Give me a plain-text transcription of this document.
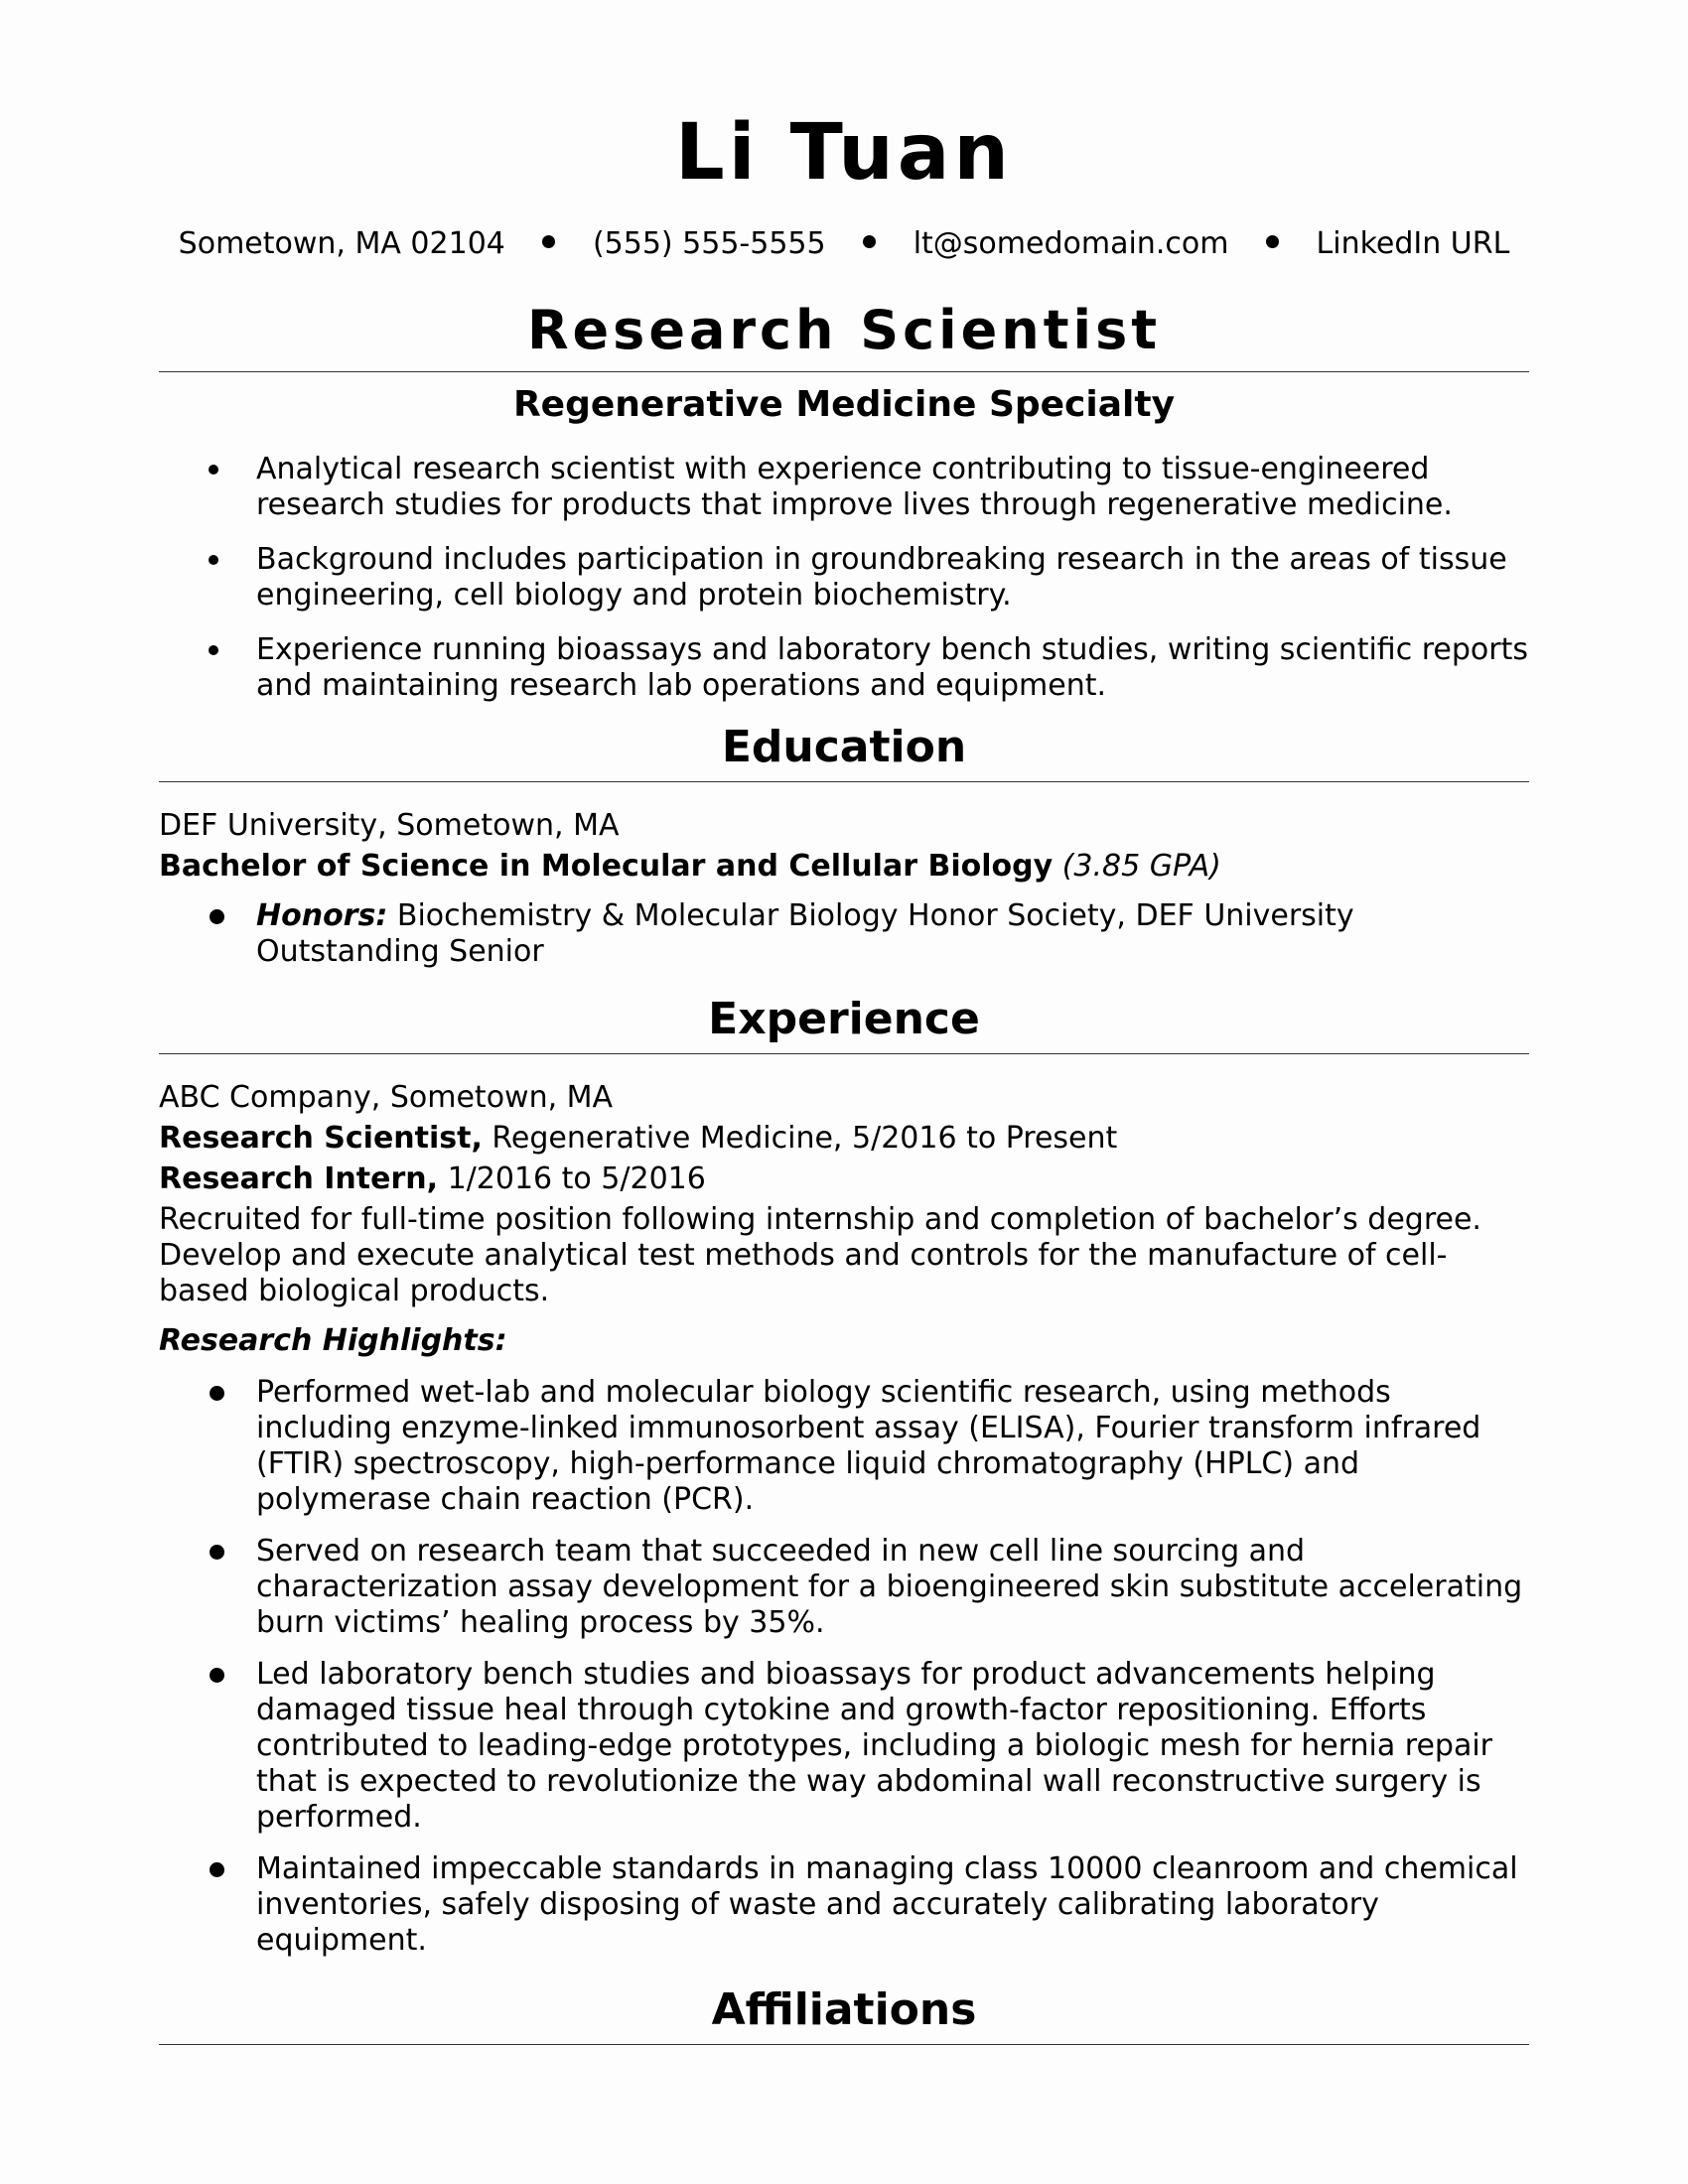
Li Tuan
Sometown, MA 02104	(555) 555-5555	lt@somedomain.com	LinkedIn URL
Research Scientist
Regenerative Medicine Specialty
Analytical research scientist with experience contributing to tissue-engineered research studies for products that improve lives through regenerative medicine.
Background includes participation in groundbreaking research in the areas of tissue engineering, cell biology and protein biochemistry.
Experience running bioassays and laboratory bench studies, writing scientific reports and maintaining research lab operations and equipment.
Education
DEF University, Sometown, MA
Bachelor of Science in Molecular and Cellular Biology (3.85 GPA)
Honors: Biochemistry & Molecular Biology Honor Society, DEF University Outstanding Senior
Experience
ABC Company, Sometown, MA
Research Scientist, Regenerative Medicine, 5/2016 to Present
Research Intern, 1/2016 to 5/2016
Recruited for full-time position following internship and completion of bachelor’s degree. Develop and execute analytical test methods and controls for the manufacture of cell-based biological products.
Research Highlights:
Performed wet-lab and molecular biology scientific research, using methods including enzyme-linked immunosorbent assay (ELISA), Fourier transform infrared (FTIR) spectroscopy, high-performance liquid chromatography (HPLC) and polymerase chain reaction (PCR).
Served on research team that succeeded in new cell line sourcing and characterization assay development for a bioengineered skin substitute accelerating burn victims’ healing process by 35%.
Led laboratory bench studies and bioassays for product advancements helping damaged tissue heal through cytokine and growth-factor repositioning. Efforts contributed to leading-edge prototypes, including a biologic mesh for hernia repair that is expected to revolutionize the way abdominal wall reconstructive surgery is performed.
Maintained impeccable standards in managing class 10000 cleanroom and chemical inventories, safely disposing of waste and accurately calibrating laboratory equipment.
Affiliations
